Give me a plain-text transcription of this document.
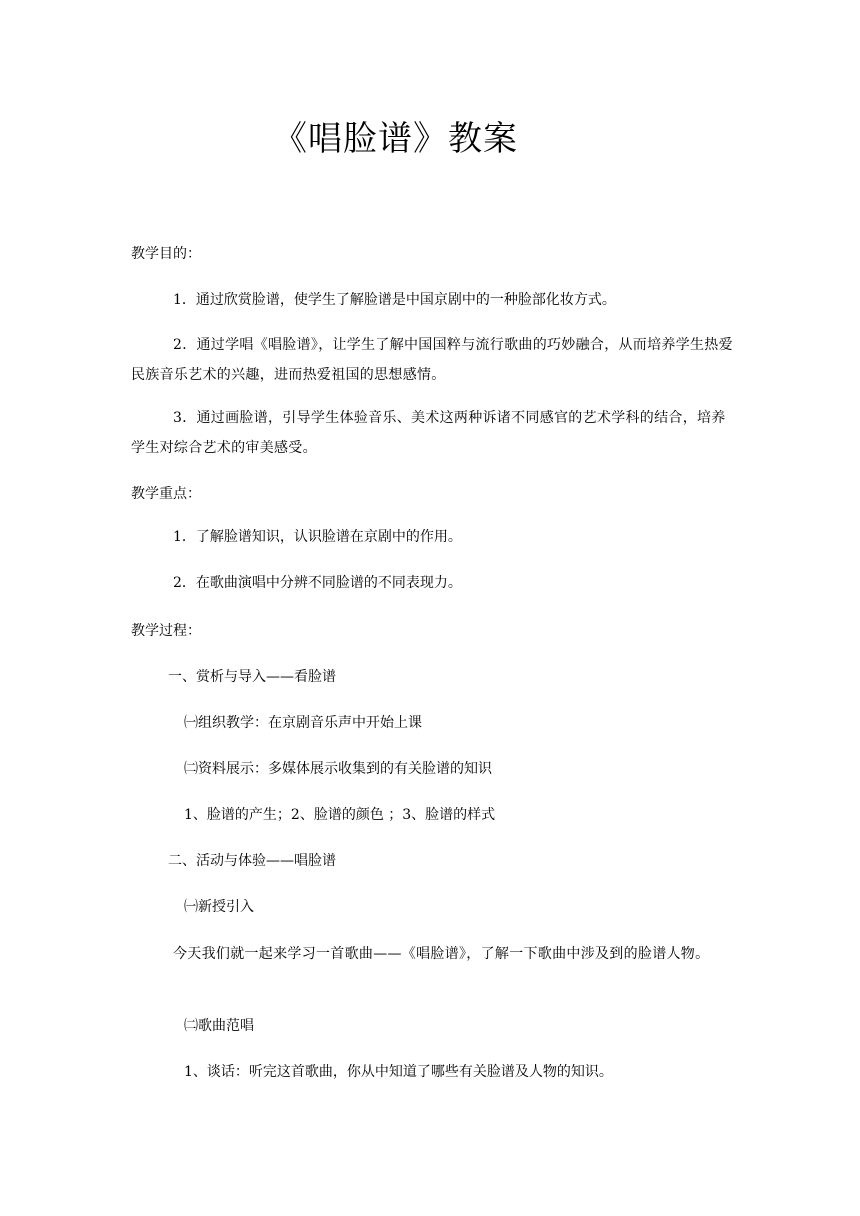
《唱脸谱》教案
教学目的：
1．通过欣赏脸谱，使学生了解脸谱是中国京剧中的一种脸部化妆方式。
2．通过学唱《唱脸谱》，让学生了解中国国粹与流行歌曲的巧妙融合，从而培养学生热爱民族音乐艺术的兴趣，进而热爱祖国的思想感情。
3．通过画脸谱，引导学生体验音乐、美术这两种诉诸不同感官的艺术学科的结合，培养学生对综合艺术的审美感受。
教学重点：
1．了解脸谱知识，认识脸谱在京剧中的作用。
2．在歌曲演唱中分辨不同脸谱的不同表现力。
教学过程：
一、赏析与导入——看脸谱
㈠组织教学：在京剧音乐声中开始上课
㈡资料展示：多媒体展示收集到的有关脸谱的知识
1、脸谱的产生；2、脸谱的颜色 ；3、脸谱的样式
二、活动与体验——唱脸谱
㈠新授引入
今天我们就一起来学习一首歌曲——《唱脸谱》，了解一下歌曲中涉及到的脸谱人物。
㈡歌曲范唱
1、谈话：听完这首歌曲，你从中知道了哪些有关脸谱及人物的知识。
